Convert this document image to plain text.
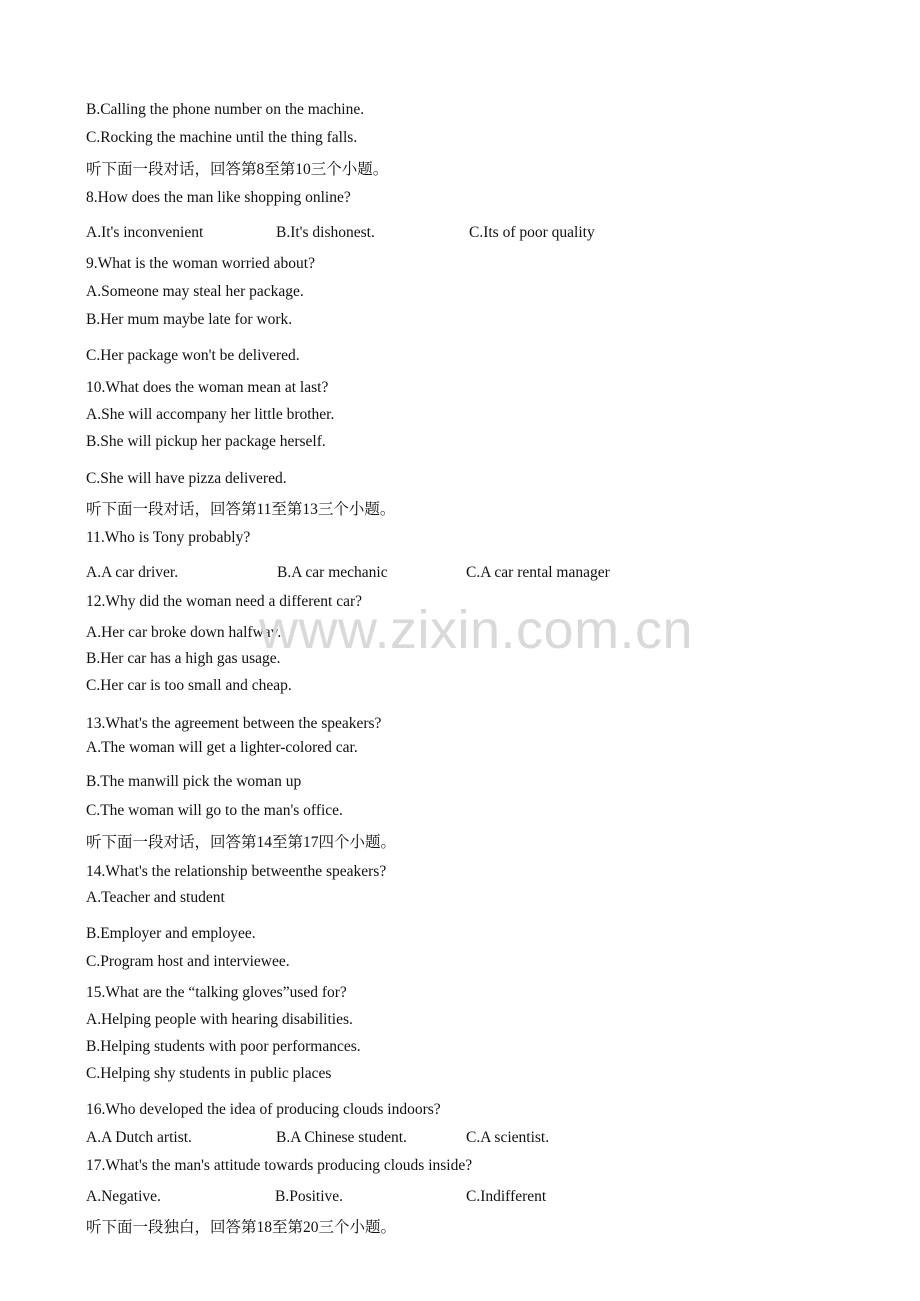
B.Calling the phone number on the machine.
C.Rocking the machine until the thing falls.
听下面一段对话，回答第8至第10三个小题。
8.How does the man like shopping online?
A.It's inconvenient	B.It's dishonest.	C.Its of poor quality
9.What is the woman worried about?
A.Someone may steal her package.
B.Her mum maybe late for work.
C.Her package won't be delivered.
10.What does the woman mean at last?
A.She will accompany her little brother.
B.She will pickup her package herself.
C.She will have pizza delivered.
听下面一段对话，回答第11至第13三个小题。
11.Who is Tony probably?
A.A car driver.	B.A car mechanic	C.A car rental manager
12.Why did the woman need a different car?
A.Her car broke down halfway.
B.Her car has a high gas usage.
C.Her car is too small and cheap.
13.What's the agreement between the speakers?
A.The woman will get a lighter-colored car.
B.The manwill pick the woman up
C.The woman will go to the man's office.
听下面一段对话，回答第14至第17四个小题。
14.What's the relationship betweenthe speakers?
A.Teacher and student
B.Employer and employee.
C.Program host and interviewee.
15.What are the “talking gloves”used for?
A.Helping people with hearing disabilities.
B.Helping students with poor performances.
C.Helping shy students in public places
16.Who developed the idea of producing clouds indoors?
A.A Dutch artist.	B.A Chinese student.	C.A scientist.
17.What's the man's attitude towards producing clouds inside?
A.Negative.	B.Positive.	C.Indifferent
听下面一段独白，回答第18至第20三个小题。
www.zixin.com.cn
